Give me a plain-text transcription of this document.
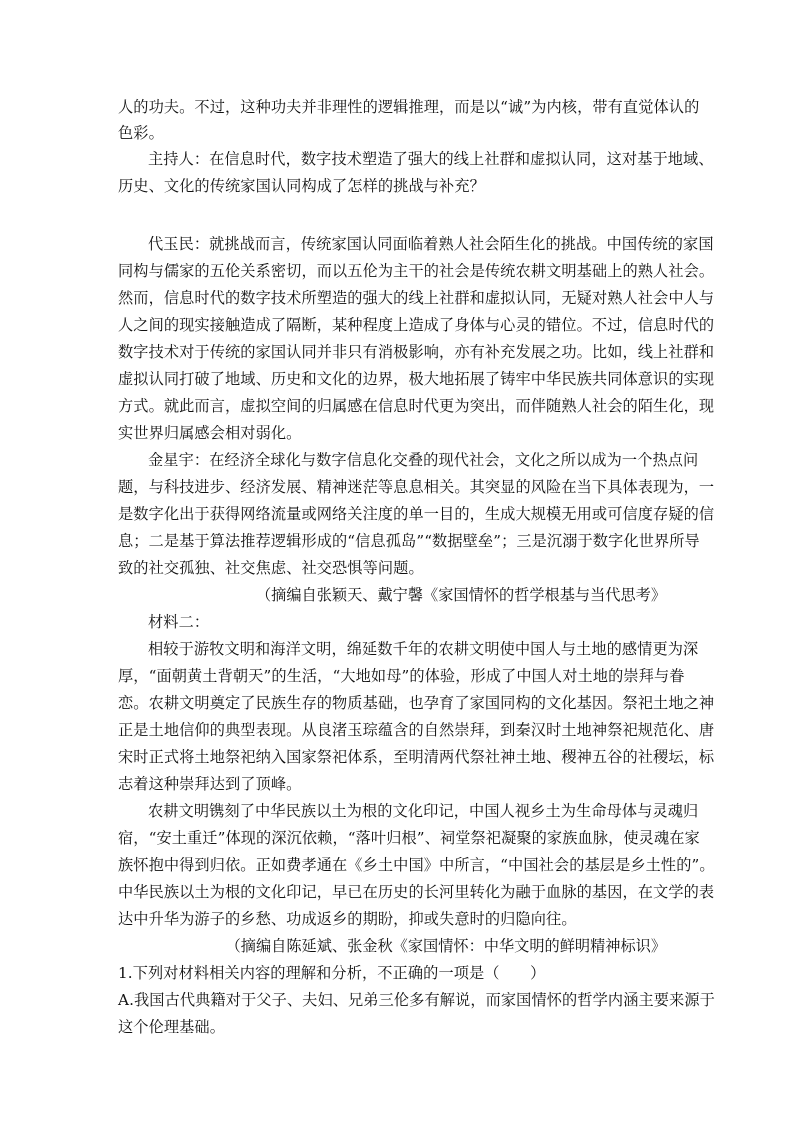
人的功夫。不过，这种功夫并非理性的逻辑推理，而是以“诚”为内核，带有直觉体认的
色彩。
主持人：在信息时代，数字技术塑造了强大的线上社群和虚拟认同，这对基于地域、
历史、文化的传统家国认同构成了怎样的挑战与补充？
代玉民：就挑战而言，传统家国认同面临着熟人社会陌生化的挑战。中国传统的家国
同构与儒家的五伦关系密切，而以五伦为主干的社会是传统农耕文明基础上的熟人社会。
然而，信息时代的数字技术所塑造的强大的线上社群和虚拟认同，无疑对熟人社会中人与
人之间的现实接触造成了隔断，某种程度上造成了身体与心灵的错位。不过，信息时代的
数字技术对于传统的家国认同并非只有消极影响，亦有补充发展之功。比如，线上社群和
虚拟认同打破了地域、历史和文化的边界，极大地拓展了铸牢中华民族共同体意识的实现
方式。就此而言，虚拟空间的归属感在信息时代更为突出，而伴随熟人社会的陌生化，现
实世界归属感会相对弱化。
金星宇：在经济全球化与数字信息化交叠的现代社会，文化之所以成为一个热点问
题，与科技进步、经济发展、精神迷茫等息息相关。其突显的风险在当下具体表现为，一
是数字化出于获得网络流量或网络关注度的单一目的，生成大规模无用或可信度存疑的信
息；二是基于算法推荐逻辑形成的“信息孤岛”“数据壁垒”；三是沉溺于数字化世界所导
致的社交孤独、社交焦虑、社交恐惧等问题。
（摘编自张颖天、戴宁馨《家国情怀的哲学根基与当代思考》
材料二：
相较于游牧文明和海洋文明，绵延数千年的农耕文明使中国人与土地的感情更为深
厚，“面朝黄土背朝天”的生活，“大地如母”的体验，形成了中国人对土地的崇拜与眷
恋。农耕文明奠定了民族生存的物质基础，也孕育了家国同构的文化基因。祭祀土地之神
正是土地信仰的典型表现。从良渚玉琮蕴含的自然崇拜，到秦汉时土地神祭祀规范化、唐
宋时正式将土地祭祀纳入国家祭祀体系，至明清两代祭社神土地、稷神五谷的社稷坛，标
志着这种崇拜达到了顶峰。
农耕文明镌刻了中华民族以土为根的文化印记，中国人视乡土为生命母体与灵魂归
宿，“安土重迁”体现的深沉依赖，“落叶归根”、祠堂祭祀凝聚的家族血脉，使灵魂在家
族怀抱中得到归依。正如费孝通在《乡土中国》中所言，“中国社会的基层是乡土性的”。
中华民族以土为根的文化印记，早已在历史的长河里转化为融于血脉的基因，在文学的表
达中升华为游子的乡愁、功成返乡的期盼，抑或失意时的归隐向往。
（摘编自陈延斌、张金秋《家国情怀：中华文明的鲜明精神标识》
1.下列对材料相关内容的理解和分析，不正确的一项是（　　）
A.我国古代典籍对于父子、夫妇、兄弟三伦多有解说，而家国情怀的哲学内涵主要来源于
这个伦理基础。
